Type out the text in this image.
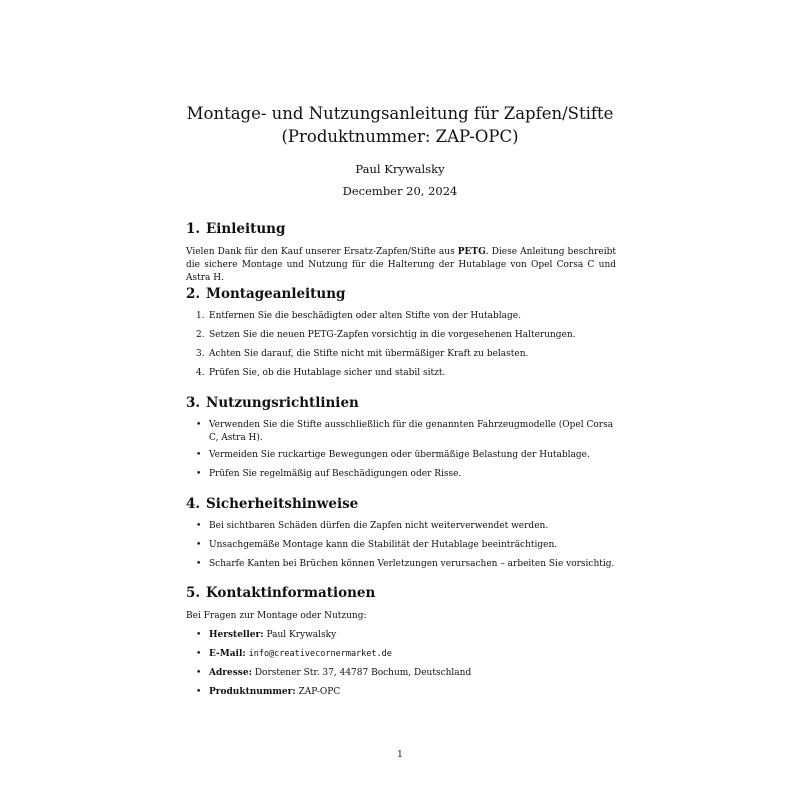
Montage- und Nutzungsanleitung für Zapfen/Stifte
(Produktnummer: ZAP-OPC)
Paul Krywalsky
December 20, 2024
1. Einleitung
Vielen Dank für den Kauf unserer Ersatz-Zapfen/Stifte aus PETG. Diese Anleitung beschreibt die sichere Montage und Nutzung für die Halterung der Hutablage von Opel Corsa C und Astra H.
2. Montageanleitung
1. Entfernen Sie die beschädigten oder alten Stifte von der Hutablage.
2. Setzen Sie die neuen PETG-Zapfen vorsichtig in die vorgesehenen Halterungen.
3. Achten Sie darauf, die Stifte nicht mit übermäßiger Kraft zu belasten.
4. Prüfen Sie, ob die Hutablage sicher und stabil sitzt.
3. Nutzungsrichtlinien
• Verwenden Sie die Stifte ausschließlich für die genannten Fahrzeugmodelle (Opel Corsa C, Astra H).
• Vermeiden Sie ruckartige Bewegungen oder übermäßige Belastung der Hutablage.
• Prüfen Sie regelmäßig auf Beschädigungen oder Risse.
4. Sicherheitshinweise
• Bei sichtbaren Schäden dürfen die Zapfen nicht weiterverwendet werden.
• Unsachgemäße Montage kann die Stabilität der Hutablage beeinträchtigen.
• Scharfe Kanten bei Brüchen können Verletzungen verursachen – arbeiten Sie vorsichtig.
5. Kontaktinformationen
Bei Fragen zur Montage oder Nutzung:
• Hersteller: Paul Krywalsky
• E-Mail: info@creativecornermarket.de
• Adresse: Dorstener Str. 37, 44787 Bochum, Deutschland
• Produktnummer: ZAP-OPC
1
